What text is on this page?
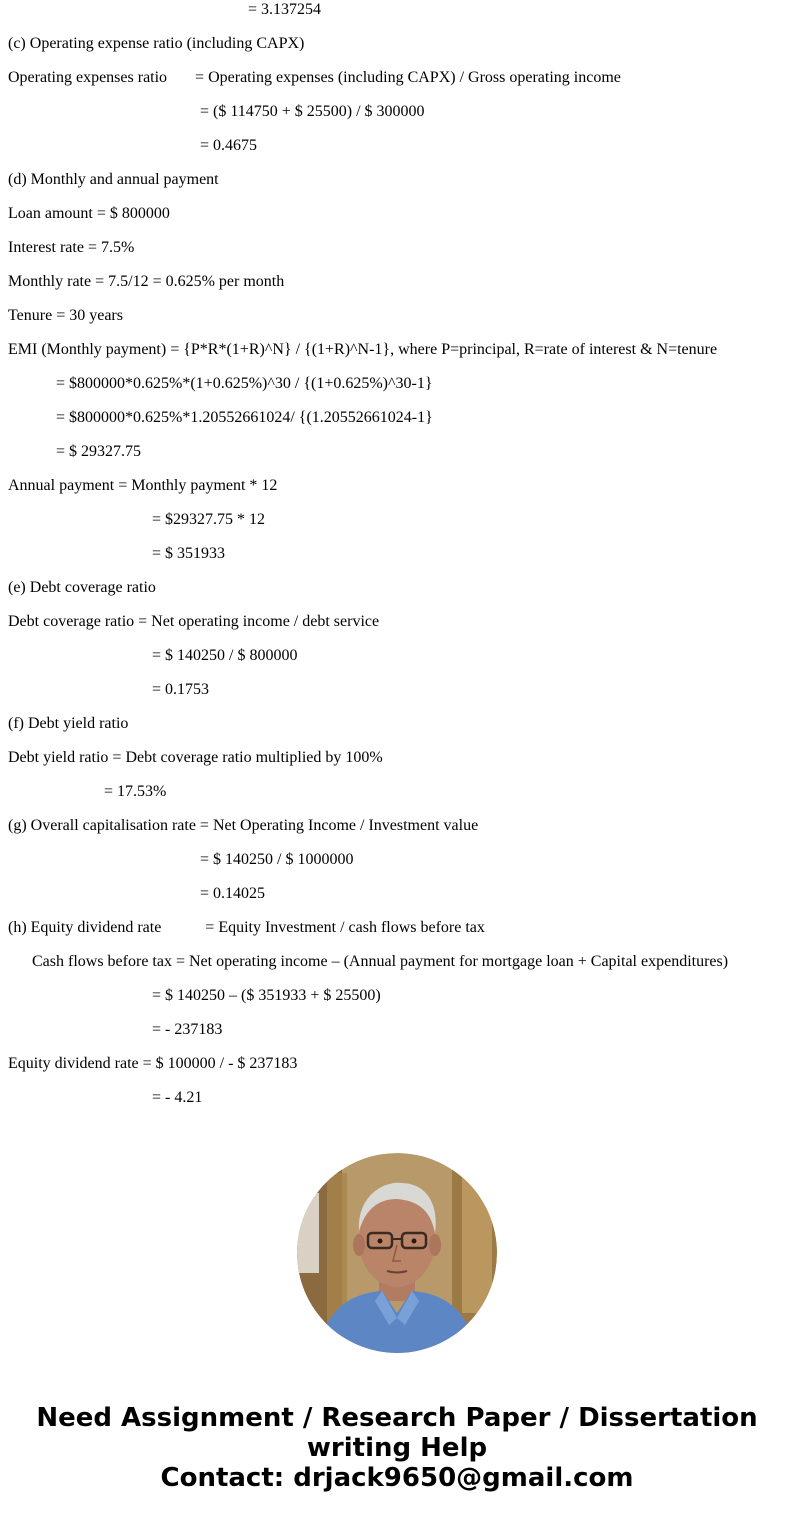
= 3.137254
(c) Operating expense ratio (including CAPX)
Operating expenses ratio       = Operating expenses (including CAPX) / Gross operating income
= ($ 114750 + $ 25500) / $ 300000
= 0.4675
(d) Monthly and annual payment
Loan amount = $ 800000
Interest rate = 7.5%
Monthly rate = 7.5/12 = 0.625% per month
Tenure = 30 years
EMI (Monthly payment) = {P*R*(1+R)^N} / {(1+R)^N-1}, where P=principal, R=rate of interest & N=tenure
= $800000*0.625%*(1+0.625%)^30 / {(1+0.625%)^30-1}
= $800000*0.625%*1.20552661024/ {(1.20552661024-1}
= $ 29327.75
Annual payment = Monthly payment * 12
= $29327.75 * 12
= $ 351933
(e) Debt coverage ratio
Debt coverage ratio = Net operating income / debt service
= $ 140250 / $ 800000
= 0.1753
(f) Debt yield ratio
Debt yield ratio = Debt coverage ratio multiplied by 100%
= 17.53%
(g) Overall capitalisation rate = Net Operating Income / Investment value
= $ 140250 / $ 1000000
= 0.14025
(h) Equity dividend rate           = Equity Investment / cash flows before tax
Cash flows before tax = Net operating income – (Annual payment for mortgage loan + Capital expenditures)
= $ 140250 – ($ 351933 + $ 25500)
= - 237183
Equity dividend rate = $ 100000 / - $ 237183
= - 4.21
Need Assignment / Research Paper / Dissertation
writing Help
Contact: drjack9650@gmail.com
